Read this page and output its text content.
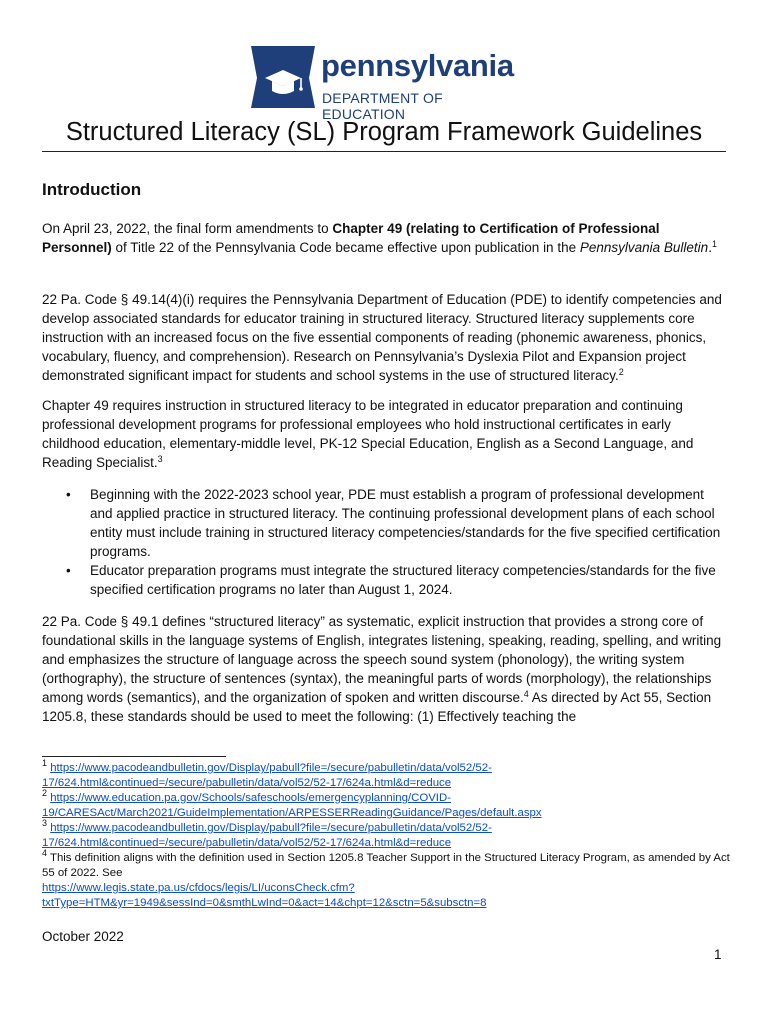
pennsylvania
DEPARTMENT OF EDUCATION
Structured Literacy (SL) Program Framework Guidelines
Introduction
On April 23, 2022, the final form amendments to Chapter 49 (relating to Certification of Professional Personnel) of Title 22 of the Pennsylvania Code became effective upon publication in the Pennsylvania Bulletin.$^1$
22 Pa. Code § 49.14(4)(i) requires the Pennsylvania Department of Education (PDE) to identify competencies and develop associated standards for educator training in structured literacy. Structured literacy supplements core instruction with an increased focus on the five essential components of reading (phonemic awareness, phonics, vocabulary, fluency, and comprehension). Research on Pennsylvania’s Dyslexia Pilot and Expansion project demonstrated significant impact for students and school systems in the use of structured literacy.$^2$
Chapter 49 requires instruction in structured literacy to be integrated in educator preparation and continuing professional development programs for professional employees who hold instructional certificates in early childhood education, elementary-middle level, PK-12 Special Education, English as a Second Language, and Reading Specialist.$^3$
• Beginning with the 2022-2023 school year, PDE must establish a program of professional development and applied practice in structured literacy. The continuing professional development plans of each school entity must include training in structured literacy competencies/standards for the five specified certification programs.
• Educator preparation programs must integrate the structured literacy competencies/standards for the five specified certification programs no later than August 1, 2024.
22 Pa. Code § 49.1 defines “structured literacy” as systematic, explicit instruction that provides a strong core of foundational skills in the language systems of English, integrates listening, speaking, reading, spelling, and writing and emphasizes the structure of language across the speech sound system (phonology), the writing system (orthography), the structure of sentences (syntax), the meaningful parts of words (morphology), the relationships among words (semantics), and the organization of spoken and written discourse.$^4$ As directed by Act 55, Section 1205.8, these standards should be used to meet the following: (1) Effectively teaching the

$^1$ https://www.pacodeandbulletin.gov/Display/pabull?file=/secure/pabulletin/data/vol52/52-17/624.html&continued=/secure/pabulletin/data/vol52/52-17/624a.html&d=reduce

$^2$ https://www.education.pa.gov/Schools/safeschools/emergencyplanning/COVID-19/CARESAct/March2021/GuideImplementation/ARPESSERReadingGuidance/Pages/default.aspx

$^3$ https://www.pacodeandbulletin.gov/Display/pabull?file=/secure/pabulletin/data/vol52/52-17/624.html&continued=/secure/pabulletin/data/vol52/52-17/624a.html&d=reduce

$^4$ This definition aligns with the definition used in Section 1205.8 Teacher Support in the Structured Literacy Program, as amended by Act 55 of 2022. See
https://www.legis.state.pa.us/cfdocs/legis/LI/uconsCheck.cfm?txtType=HTM&yr=1949&sessInd=0&smthLwInd=0&act=14&chpt=12&sctn=5&subsctn=8

October 2022
1
